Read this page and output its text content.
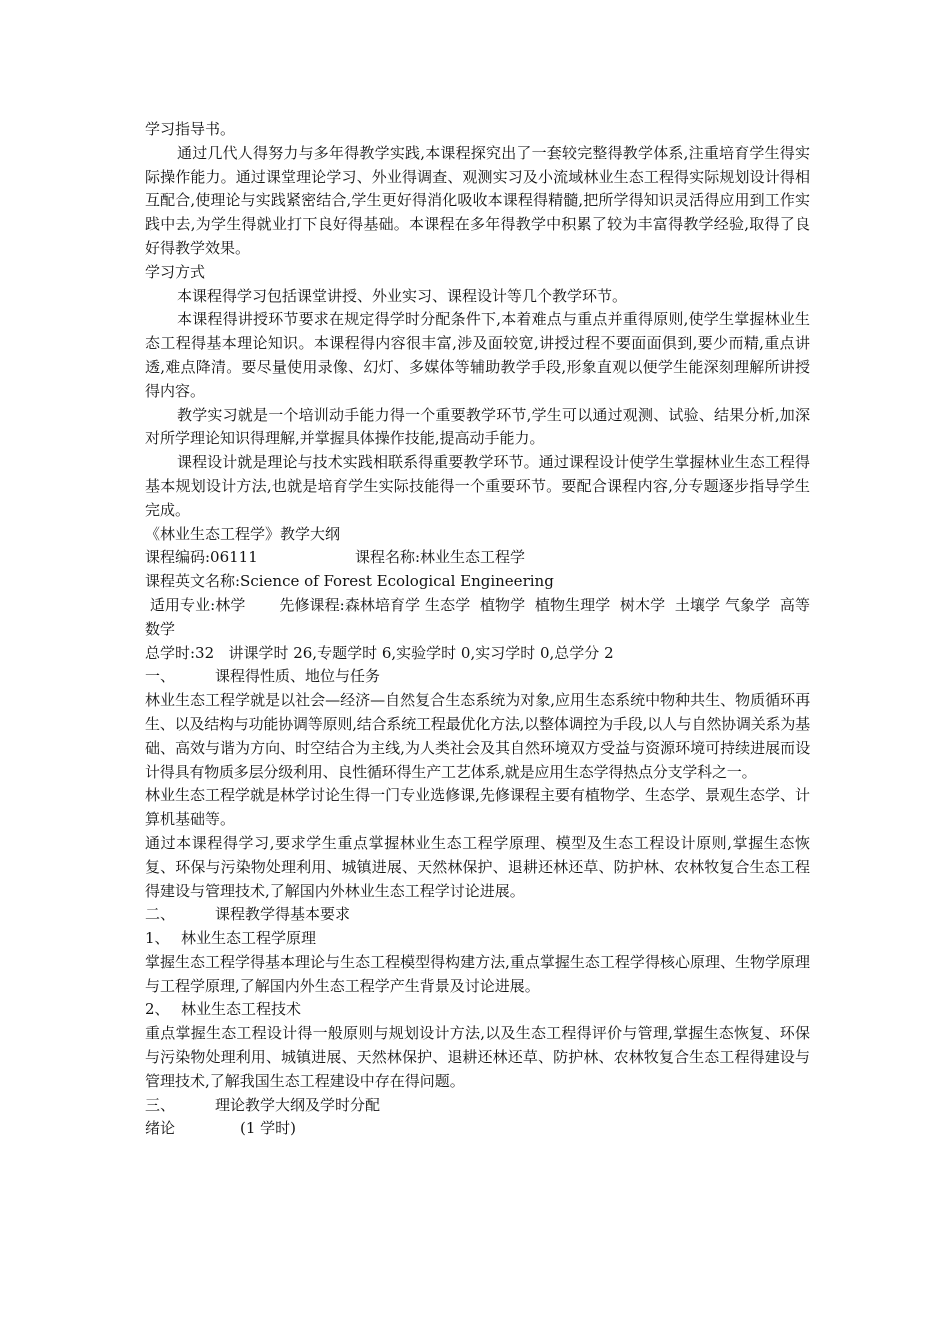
学习指导书。

通过几代人得努力与多年得教学实践,本课程探究出了一套较完整得教学体系,注重培育学生得实际操作能力。通过课堂理论学习、外业得调查、观测实习及小流域林业生态工程得实际规划设计得相互配合,使理论与实践紧密结合,学生更好得消化吸收本课程得精髓,把所学得知识灵活得应用到工作实践中去,为学生得就业打下良好得基础。本课程在多年得教学中积累了较为丰富得教学经验,取得了良好得教学效果。

学习方式

本课程得学习包括课堂讲授、外业实习、课程设计等几个教学环节。

本课程得讲授环节要求在规定得学时分配条件下,本着难点与重点并重得原则,使学生掌握林业生态工程得基本理论知识。本课程得内容很丰富,涉及面较宽,讲授过程不要面面俱到,要少而精,重点讲透,难点降清。要尽量使用录像、幻灯、多媒体等辅助教学手段,形象直观以便学生能深刻理解所讲授得内容。

教学实习就是一个培训动手能力得一个重要教学环节,学生可以通过观测、试验、结果分析,加深对所学理论知识得理解,并掌握具体操作技能,提高动手能力。

课程设计就是理论与技术实践相联系得重要教学环节。通过课程设计使学生掌握林业生态工程得基本规划设计方法,也就是培育学生实际技能得一个重要环节。要配合课程内容,分专题逐步指导学生完成。

《林业生态工程学》教学大纲

课程编码:06111	课程名称:林业生态工程学

课程英文名称:Science of Forest Ecological Engineering

适用专业:林学       先修课程:森林培育学 生态学  植物学  植物生理学  树木学  土壤学 气象学  高等数学

总学时:32   讲课学时 26,专题学时 6,实验学时 0,实习学时 0,总学分 2

一、	课程得性质、地位与任务

林业生态工程学就是以社会—经济—自然复合生态系统为对象,应用生态系统中物种共生、物质循环再生、以及结构与功能协调等原则,结合系统工程最优化方法,以整体调控为手段,以人与自然协调关系为基础、高效与谐为方向、时空结合为主线,为人类社会及其自然环境双方受益与资源环境可持续进展而设计得具有物质多层分级利用、良性循环得生产工艺体系,就是应用生态学得热点分支学科之一。

林业生态工程学就是林学讨论生得一门专业选修课,先修课程主要有植物学、生态学、景观生态学、计算机基础等。

通过本课程得学习,要求学生重点掌握林业生态工程学原理、模型及生态工程设计原则,掌握生态恢复、环保与污染物处理利用、城镇进展、天然林保护、退耕还林还草、防护林、农林牧复合生态工程得建设与管理技术,了解国内外林业生态工程学讨论进展。

二、	课程教学得基本要求
1、 林业生态工程学原理

掌握生态工程学得基本理论与生态工程模型得构建方法,重点掌握生态工程学得核心原理、生物学原理与工程学原理,了解国内外生态工程学产生背景及讨论进展。

2、 林业生态工程技术

重点掌握生态工程设计得一般原则与规划设计方法,以及生态工程得评价与管理,掌握生态恢复、环保与污染物处理利用、城镇进展、天然林保护、退耕还林还草、防护林、农林牧复合生态工程得建设与管理技术,了解我国生态工程建设中存在得问题。

三、	理论教学大纲及学时分配
绪论	(1 学时)
